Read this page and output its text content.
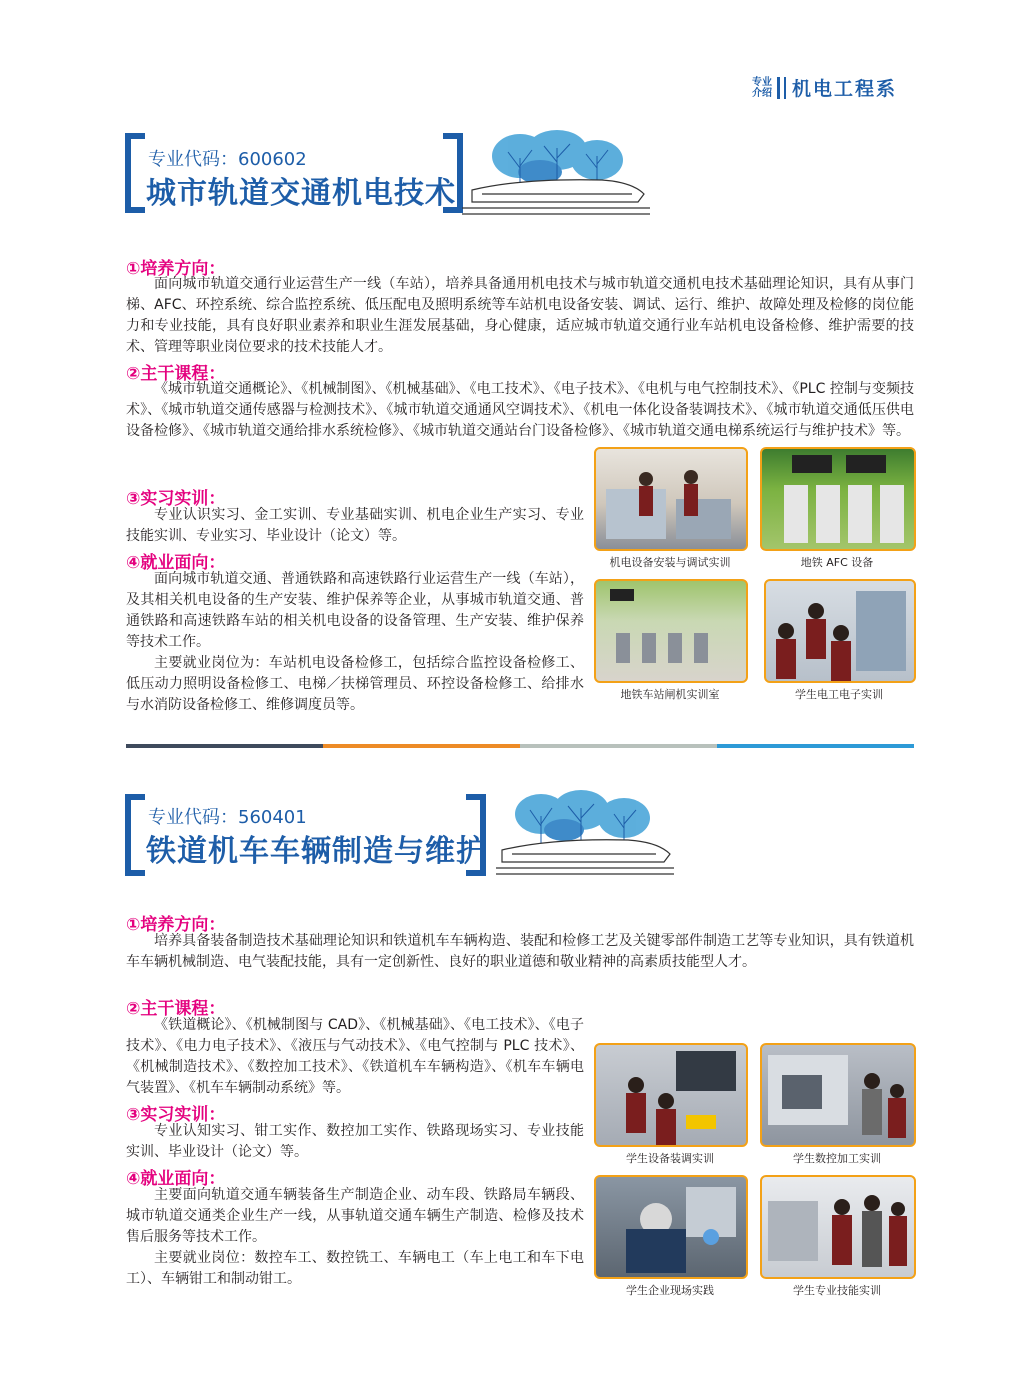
专业
介绍 机电工程系
专业代码：600602
城市轨道交通机电技术
①培养方向：

面向城市轨道交通行业运营生产一线（车站），培养具备通用机电技术与城市轨道交通机电技术基础理论知识，具有从事门梯、AFC、环控系统、综合监控系统、低压配电及照明系统等车站机电设备安装、调试、运行、维护、故障处理及检修的岗位能力和专业技能，具有良好职业素养和职业生涯发展基础，身心健康，适应城市轨道交通行业车站机电设备检修、维护需要的技术、管理等职业岗位要求的技术技能人才。

②主干课程：

《城市轨道交通概论》、《机械制图》、《机械基础》、《电工技术》、《电子技术》、《电机与电气控制技术》、《PLC 控制与变频技术》、《城市轨道交通传感器与检测技术》、《城市轨道交通通风空调技术》、《机电一体化设备装调技术》、《城市轨道交通低压供电设备检修》、《城市轨道交通给排水系统检修》、《城市轨道交通站台门设备检修》、《城市轨道交通电梯系统运行与维护技术》等。

③实习实训：

专业认识实习、金工实训、专业基础实训、机电企业生产实习、专业技能实训、专业实习、毕业设计（论文）等。

④就业面向：

面向城市轨道交通、普通铁路和高速铁路行业运营生产一线（车站），及其相关机电设备的生产安装、维护保养等企业，从事城市轨道交通、普通铁路和高速铁路车站的相关机电设备的设备管理、生产安装、维护保养等技术工作。

主要就业岗位为：车站机电设备检修工，包括综合监控设备检修工、低压动力照明设备检修工、电梯／扶梯管理员、环控设备检修工、给排水与水消防设备检修工、维修调度员等。

机电设备安装与调试实训	地铁 AFC 设备
地铁车站闸机实训室	学生电工电子实训
专业代码：560401
铁道机车车辆制造与维护
①培养方向：

培养具备装备制造技术基础理论知识和铁道机车车辆构造、装配和检修工艺及关键零部件制造工艺等专业知识，具有铁道机车车辆机械制造、电气装配技能，具有一定创新性、良好的职业道德和敬业精神的高素质技能型人才。

②主干课程：

《铁道概论》、《机械制图与 CAD》、《机械基础》、《电工技术》、《电子技术》、《电力电子技术》、《液压与气动技术》、《电气控制与 PLC 技术》、《机械制造技术》、《数控加工技术》、《铁道机车车辆构造》、《机车车辆电气装置》、《机车车辆制动系统》等。

③实习实训：

专业认知实习、钳工实作、数控加工实作、铁路现场实习、专业技能实训、毕业设计（论文）等。

④就业面向：

主要面向轨道交通车辆装备生产制造企业、动车段、铁路局车辆段、城市轨道交通类企业生产一线，从事轨道交通车辆生产制造、检修及技术售后服务等技术工作。

主要就业岗位：数控车工、数控铣工、车辆电工（车上电工和车下电工）、车辆钳工和制动钳工。

学生设备装调实训	学生数控加工实训
学生企业现场实践	学生专业技能实训
